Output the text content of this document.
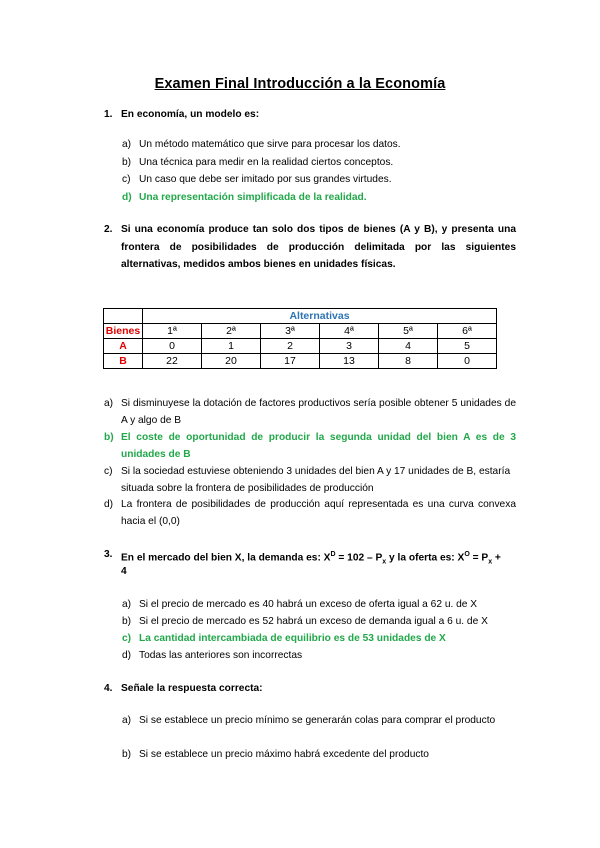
Examen Final Introducción a la Economía
1. En economía, un modelo es:
a) Un método matemático que sirve para procesar los datos.
b) Una técnica para medir en la realidad ciertos conceptos.
c) Un caso que debe ser imitado por sus grandes virtudes.
d) Una representación simplificada de la realidad.
2. Si una economía produce tan solo dos tipos de bienes (A y B), y presenta una frontera de posibilidades de producción delimitada por las siguientes alternativas, medidos ambos bienes en unidades físicas.
	Alternativas					
Bienes	1ª	2ª	3ª	4ª	5ª	6ª
A	0	1	2	3	4	5
B	22	20	17	13	8	0
a) Si disminuyese la dotación de factores productivos sería posible obtener 5 unidades de A y algo de B
b) El coste de oportunidad de producir la segunda unidad del bien A es de 3 unidades de B
c) Si la sociedad estuviese obteniendo 3 unidades del bien A y 17 unidades de B, estaría situada sobre la frontera de posibilidades de producción
d) La frontera de posibilidades de producción aquí representada es una curva convexa hacia el (0,0)
3. En el mercado del bien X, la demanda es: $X^D = 102 - P_x$ y la oferta es: $X^O = P_x$ +
4
a) Si el precio de mercado es 40 habrá un exceso de oferta igual a 62 u. de X
b) Si el precio de mercado es 52 habrá un exceso de demanda igual a 6 u. de X
c) La cantidad intercambiada de equilibrio es de 53 unidades de X
d) Todas las anteriores son incorrectas
4. Señale la respuesta correcta:
a) Si se establece un precio mínimo se generarán colas para comprar el producto
b) Si se establece un precio máximo habrá excedente del producto
